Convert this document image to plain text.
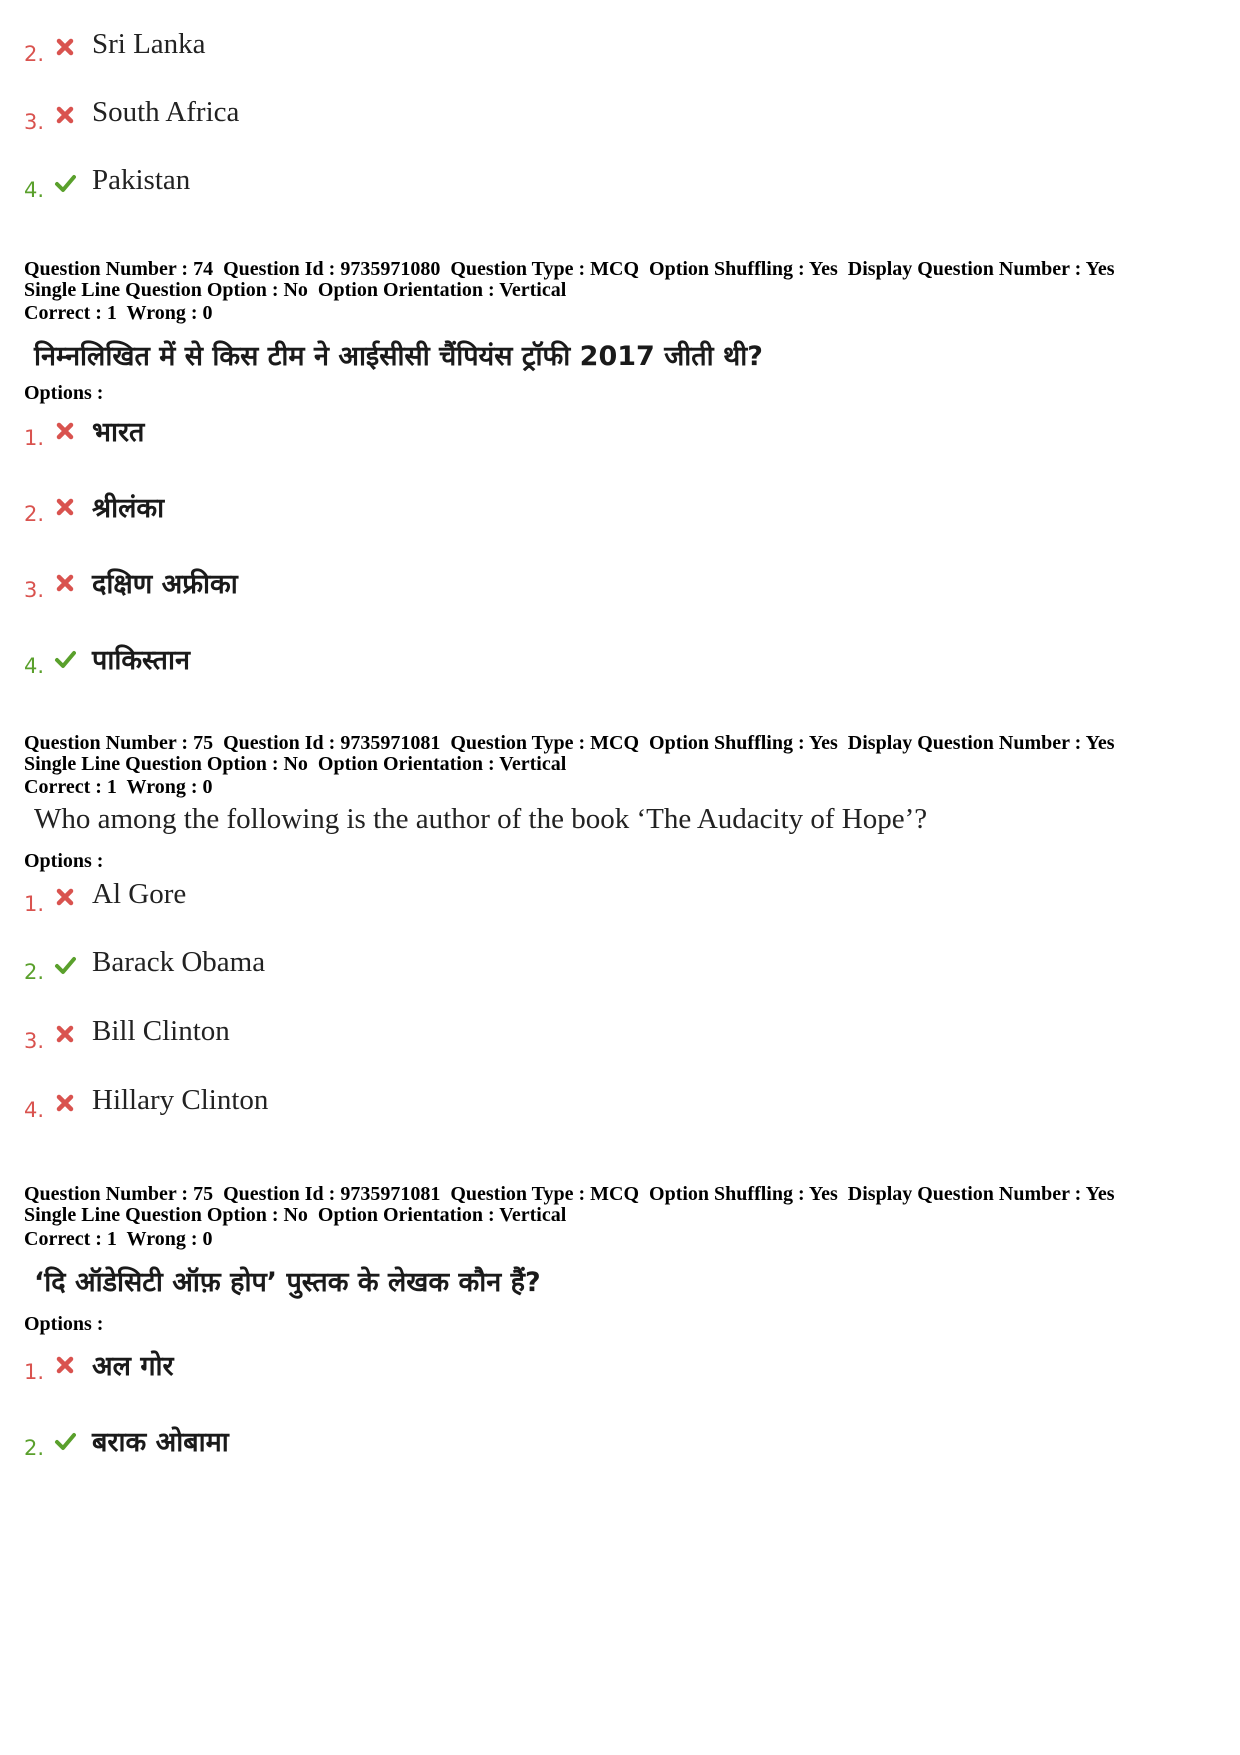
2. Sri Lanka
3. South Africa
4. Pakistan
Question Number : 74  Question Id : 9735971080  Question Type : MCQ  Option Shuffling : Yes  Display Question Number : Yes
Single Line Question Option : No  Option Orientation : Vertical
Correct : 1  Wrong : 0
निम्नलिखित में से किस टीम ने आईसीसी चैंपियंस ट्रॉफी 2017 जीती थी?
Options :
1. भारत
2. श्रीलंका
3. दक्षिण अफ्रीका
4. पाकिस्तान
Question Number : 75  Question Id : 9735971081  Question Type : MCQ  Option Shuffling : Yes  Display Question Number : Yes
Single Line Question Option : No  Option Orientation : Vertical
Correct : 1  Wrong : 0
Who among the following is the author of the book ‘The Audacity of Hope’?
Options :
1. Al Gore
2. Barack Obama
3. Bill Clinton
4. Hillary Clinton
Question Number : 75  Question Id : 9735971081  Question Type : MCQ  Option Shuffling : Yes  Display Question Number : Yes
Single Line Question Option : No  Option Orientation : Vertical
Correct : 1  Wrong : 0
‘दि ऑडेसिटी ऑफ़ होप’ पुस्तक के लेखक कौन हैं?
Options :
1. अल गोर
2. बराक ओबामा
